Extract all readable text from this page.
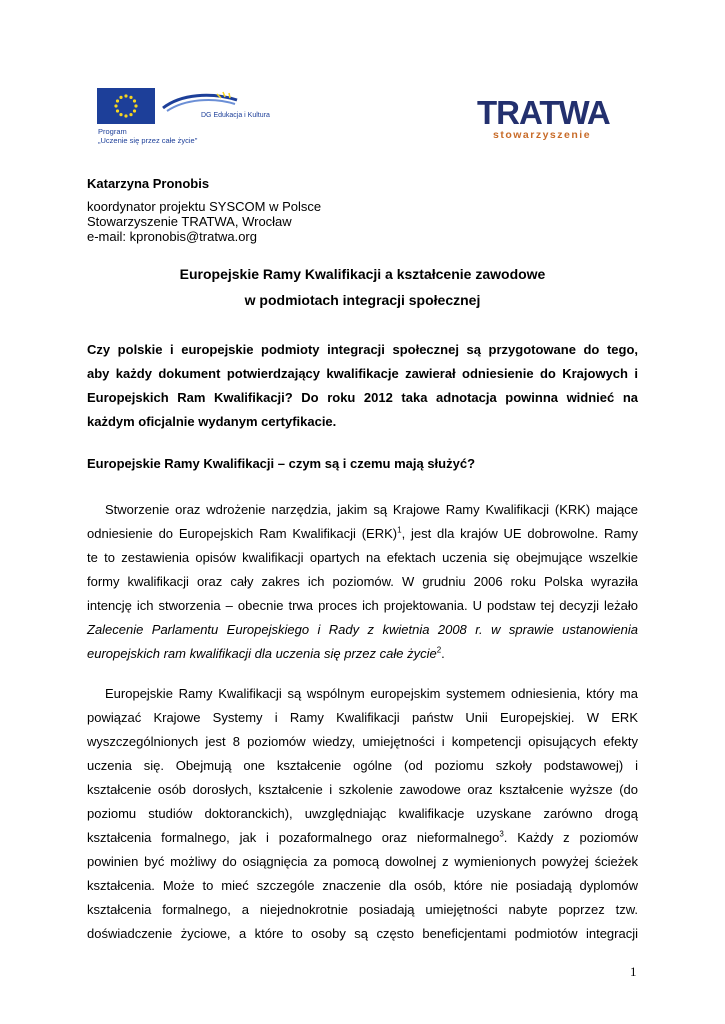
DG Edukacja i Kultura
Program
„Uczenie się przez całe życie"
TRATWA
stowarzyszenie
Katarzyna Pronobis
koordynator projektu SYSCOM w Polsce
Stowarzyszenie TRATWA, Wrocław
e-mail: kpronobis@tratwa.org
Europejskie Ramy Kwalifikacji a kształcenie zawodowe
w podmiotach integracji społecznej
Czy polskie i europejskie podmioty integracji społecznej są przygotowane do tego,
aby każdy dokument potwierdzający kwalifikacje zawierał odniesienie do Krajowych i
Europejskich Ram Kwalifikacji? Do roku 2012 taka adnotacja powinna widnieć na
każdym oficjalnie wydanym certyfikacie.
Europejskie Ramy Kwalifikacji – czym są i czemu mają służyć?
Stworzenie oraz wdrożenie narzędzia, jakim są Krajowe Ramy Kwalifikacji (KRK) mające
odniesienie do Europejskich Ram Kwalifikacji (ERK)$^1$, jest dla krajów UE dobrowolne. Ramy
te to zestawienia opisów kwalifikacji opartych na efektach uczenia się obejmujące wszelkie
formy kwalifikacji oraz cały zakres ich poziomów. W grudniu 2006 roku Polska wyraziła
intencję ich stworzenia – obecnie trwa proces ich projektowania. U podstaw tej decyzji leżało
Zalecenie Parlamentu Europejskiego i Rady z kwietnia 2008 r. w sprawie ustanowienia
europejskich ram kwalifikacji dla uczenia się przez całe życie$^2$.
Europejskie Ramy Kwalifikacji są wspólnym europejskim systemem odniesienia, który ma
powiązać Krajowe Systemy i Ramy Kwalifikacji państw Unii Europejskiej. W ERK
wyszczególnionych jest 8 poziomów wiedzy, umiejętności i kompetencji opisujących efekty
uczenia się. Obejmują one kształcenie ogólne (od poziomu szkoły podstawowej) i
kształcenie osób dorosłych, kształcenie i szkolenie zawodowe oraz kształcenie wyższe (do
poziomu studiów doktoranckich), uwzględniając kwalifikacje uzyskane zarówno drogą
kształcenia formalnego, jak i pozaformalnego oraz nieformalnego$^3$. Każdy z poziomów
powinien być możliwy do osiągnięcia za pomocą dowolnej z wymienionych powyżej ścieżek
kształcenia. Może to mieć szczególe znaczenie dla osób, które nie posiadają dyplomów
kształcenia formalnego, a niejednokrotnie posiadają umiejętności nabyte poprzez tzw.
doświadczenie życiowe, a które to osoby są często beneficjentami podmiotów integracji
1
